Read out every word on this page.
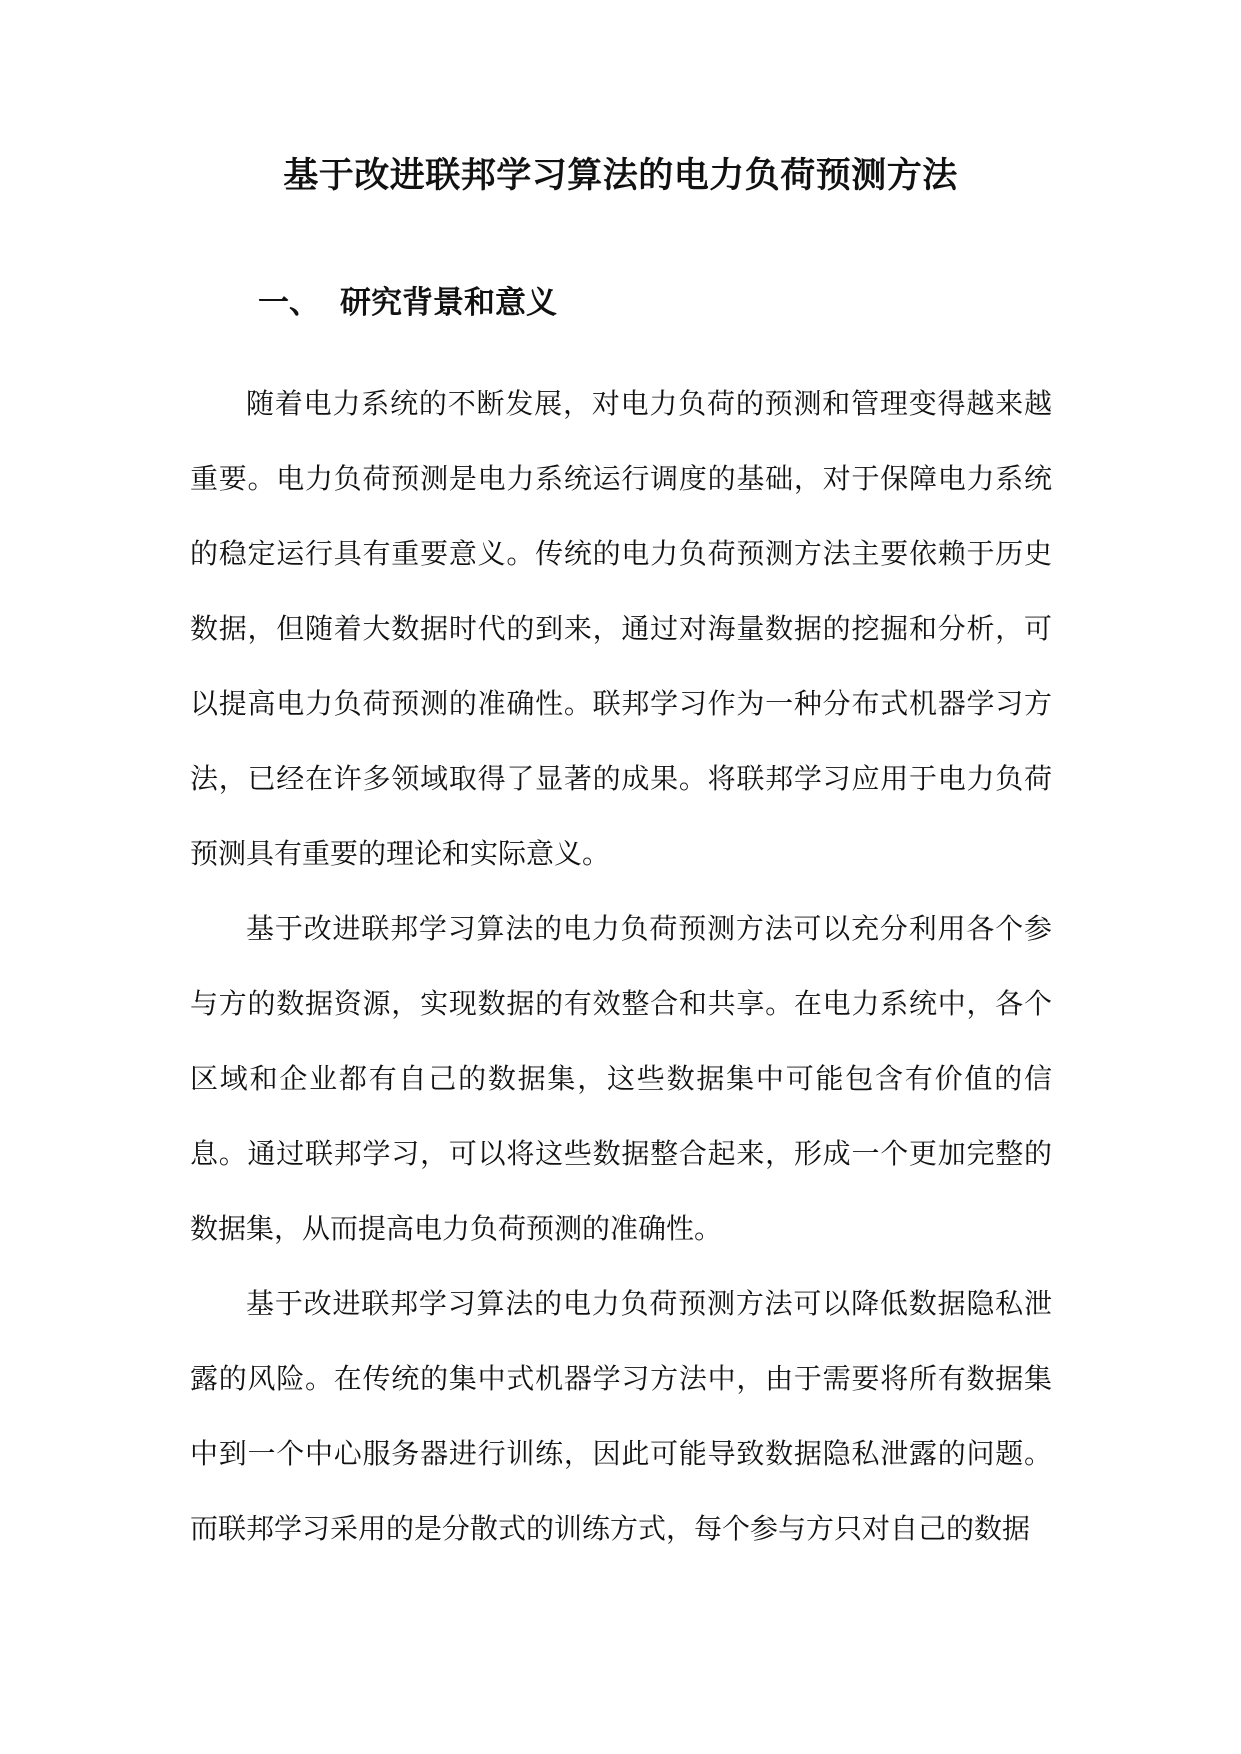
基于改进联邦学习算法的电力负荷预测方法
一、 研究背景和意义

随着电力系统的不断发展，对电力负荷的预测和管理变得越来越重要。电力负荷预测是电力系统运行调度的基础，对于保障电力系统的稳定运行具有重要意义。传统的电力负荷预测方法主要依赖于历史数据，但随着大数据时代的到来，通过对海量数据的挖掘和分析，可以提高电力负荷预测的准确性。联邦学习作为一种分布式机器学习方法，已经在许多领域取得了显著的成果。将联邦学习应用于电力负荷预测具有重要的理论和实际意义。

基于改进联邦学习算法的电力负荷预测方法可以充分利用各个参与方的数据资源，实现数据的有效整合和共享。在电力系统中，各个区域和企业都有自己的数据集，这些数据集中可能包含有价值的信息。通过联邦学习，可以将这些数据整合起来，形成一个更加完整的数据集，从而提高电力负荷预测的准确性。

基于改进联邦学习算法的电力负荷预测方法可以降低数据隐私泄露的风险。在传统的集中式机器学习方法中，由于需要将所有数据集中到一个中心服务器进行训练，因此可能导致数据隐私泄露的问题。而联邦学习采用的是分散式的训练方式，每个参与方只对自己的数据
